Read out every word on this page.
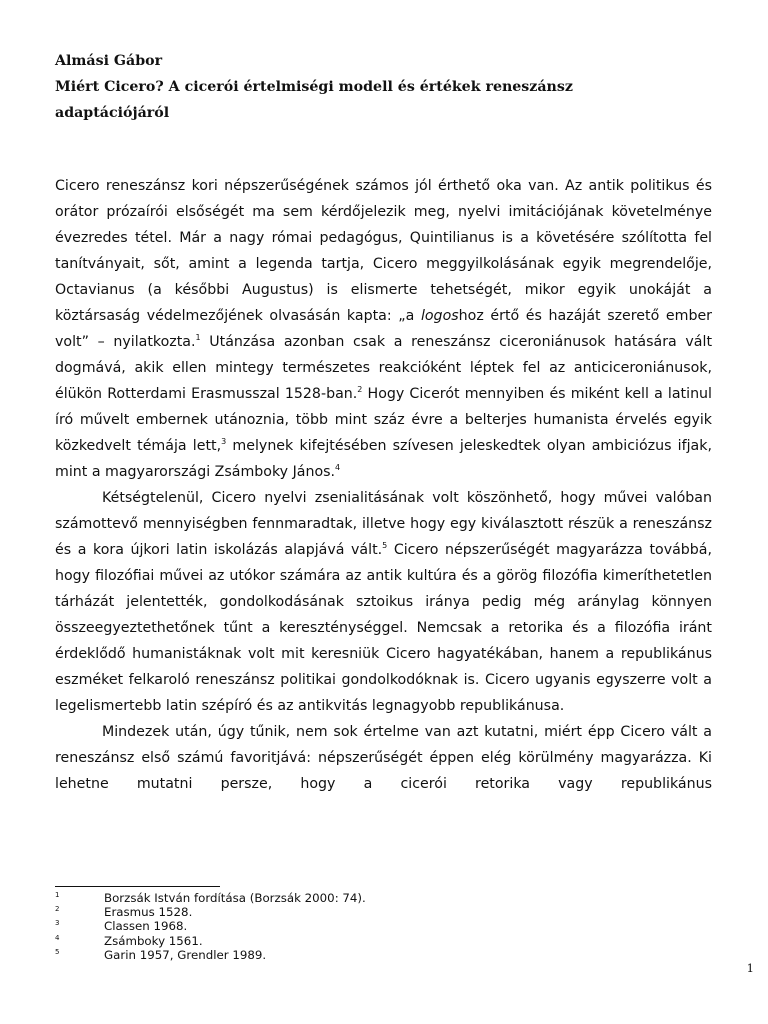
Almási Gábor
Miért Cicero? A cicerói értelmiségi modell és értékek reneszánsz
adaptációjáról

Cicero reneszánsz kori népszerűségének számos jól érthető oka van. Az antik politikus és orátor prózaírói elsőségét ma sem kérdőjelezik meg, nyelvi imitációjának követelménye évezredes tétel. Már a nagy római pedagógus, Quintilianus is a követésére szólította fel tanítványait, sőt, amint a legenda tartja, Cicero meggyilkolásának egyik megrendelője, Octavianus (a későbbi Augustus) is elismerte tehetségét, mikor egyik unokáját a köztársaság védelmezőjének olvasásán kapta: „a logoshoz értő és hazáját szerető ember volt” – nyilatkozta.$^1$ Utánzása azonban csak a reneszánsz ciceroniánusok hatására vált dogmává, akik ellen mintegy természetes reakcióként léptek fel az anticiceroniánusok, élükön Rotterdami Erasmusszal 1528-ban.$^2$ Hogy Cicerót mennyiben és miként kell a latinul író művelt embernek utánoznia, több mint száz évre a belterjes humanista érvelés egyik közkedvelt témája lett,$^3$ melynek kifejtésében szívesen jeleskedtek olyan ambiciózus ifjak, mint a magyarországi Zsámboky János.$^4$

Kétségtelenül, Cicero nyelvi zsenialitásának volt köszönhető, hogy művei valóban számottevő mennyiségben fennmaradtak, illetve hogy egy kiválasztott részük a reneszánsz és a kora újkori latin iskolázás alapjává vált.$^5$ Cicero népszerűségét magyarázza továbbá, hogy filozófiai művei az utókor számára az antik kultúra és a görög filozófia kimeríthetetlen tárházát jelentették, gondolkodásának sztoikus iránya pedig még aránylag könnyen összeegyeztethetőnek tűnt a kereszténységgel. Nemcsak a retorika és a filozófia iránt érdeklődő humanistáknak volt mit keresniük Cicero hagyatékában, hanem a republikánus eszméket felkaroló reneszánsz politikai gondolkodóknak is. Cicero ugyanis egyszerre volt a legelismertebb latin szépíró és az antikvitás legnagyobb republikánusa.

Mindezek után, úgy tűnik, nem sok értelme van azt kutatni, miért épp Cicero vált a reneszánsz első számú favoritjává: népszerűségét éppen elég körülmény magyarázza. Ki lehetne mutatni persze, hogy a cicerói retorika vagy republikánus

1	Borzsák István fordítása (Borzsák 2000: 74).
2	Erasmus 1528.
3	Classen 1968.
4	Zsámboky 1561.
5	Garin 1957, Grendler 1989.
1
